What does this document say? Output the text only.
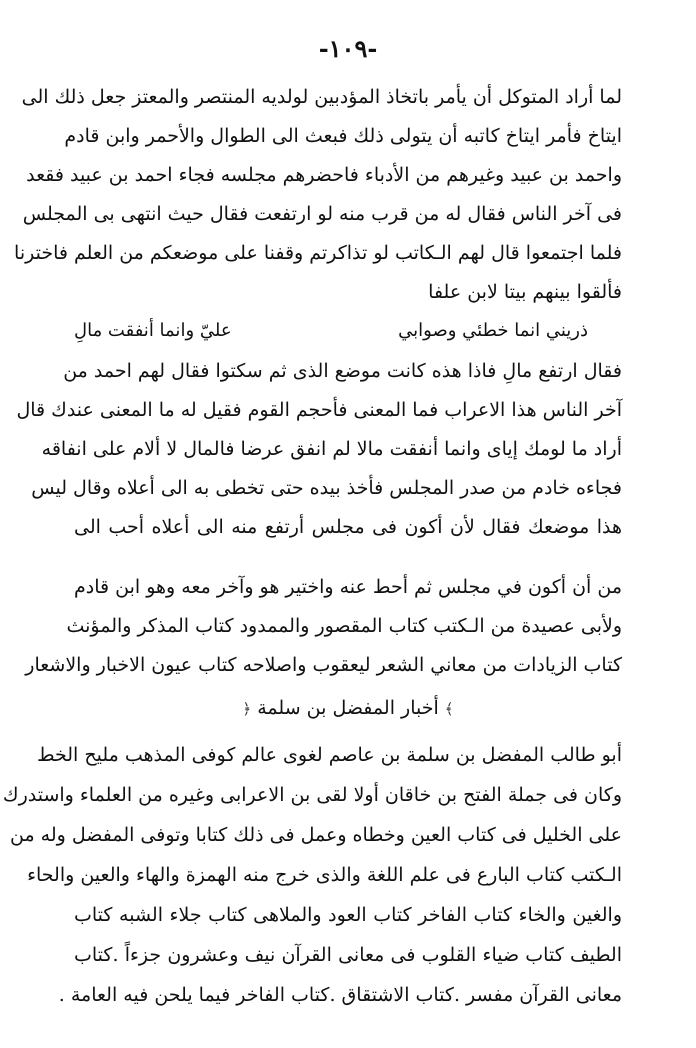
-١٠٩-
لما أراد المتوكل أن يأمر باتخاذ المؤدبين لولديه المنتصر والمعتز جعل ذلك الى
ايتاخ فأمر ايتاخ كاتبه أن يتولى ذلك فبعث الى الطوال والأحمر وابن قادم
واحمد بن عبيد وغيرهم من الأدباء فاحضرهم مجلسه فجاء احمد بن عبيد فقعد
فى آخر الناس فقال له من قرب منه لو ارتفعت فقال حيث انتهى بى المجلس
فلما اجتمعوا قال لهم الـكاتب لو تذاكرتم وقفنا على موضعكم من العلم فاخترنا
فألقوا بينهم بيتا لابن علفا
ذريني انما خطئي وصوابي
عليّ وانما أنفقت مالِ
فقال ارتفع مالِ فاذا هذه كانت موضع الذى ثم سكتوا فقال لهم احمد من
آخر الناس هذا الاعراب فما المعنى فأحجم القوم فقيل له ما المعنى عندك قال
أراد ما لومك إياى وانما أنفقت مالا لم انفق عرضا فالمال لا ألام على انفاقه
فجاءه خادم من صدر المجلس فأخذ بيده حتى تخطى به الى أعلاه وقال ليس
هذا موضعك فقال لأن أكون فى مجلس أرتفع منه الى أعلاه أحب الى
من أن أكون في مجلس ثم أحط عنه واختير هو وآخر معه وهو ابن قادم
ولأبى عصيدة من الـكتب كتاب المقصور والممدود كتاب المذكر والمؤنث
كتاب الزيادات من معاني الشعر ليعقوب واصلاحه كتاب عيون الاخبار والاشعار
﴾ أخبار المفضل بن سلمة ﴿
أبو طالب المفضل بن سلمة بن عاصم لغوى عالم كوفى المذهب مليح الخط
وكان فى جملة الفتح بن خاقان أولا لقى بن الاعرابى وغيره من العلماء واستدرك
على الخليل فى كتاب العين وخطاه وعمل فى ذلك كتابا وتوفى المفضل وله من
الـكتب كتاب البارع فى علم اللغة والذى خرج منه الهمزة والهاء والعين والحاء
والغين والخاء كتاب الفاخر كتاب العود والملاهى كتاب جلاء الشبه كتاب
الطيف كتاب ضياء القلوب فى معانى القرآن نيف وعشرون جزءاً .كتاب
معانى القرآن مفسر .كتاب الاشتقاق .كتاب الفاخر فيما يلحن فيه العامة .
